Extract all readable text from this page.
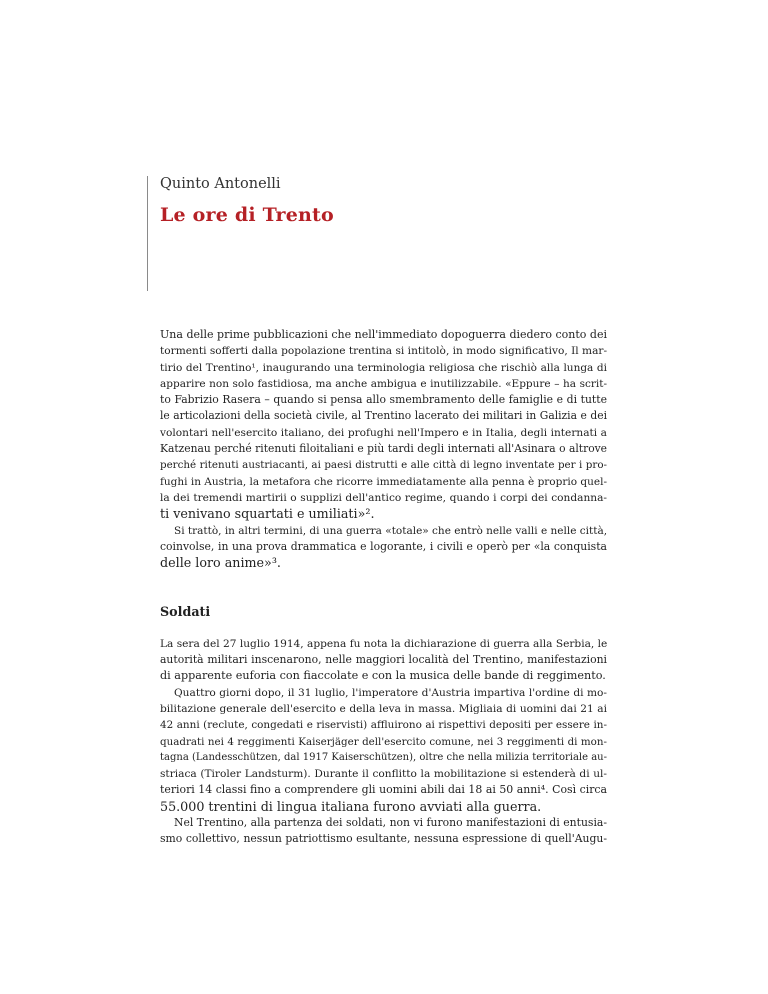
Quinto Antonelli
Le ore di Trento
Una delle prime pubblicazioni che nell'immediato dopoguerra diedero conto dei
tormenti sofferti dalla popolazione trentina si intitolò, in modo significativo, Il mar-
tirio del Trentino¹, inaugurando una terminologia religiosa che rischiò alla lunga di
apparire non solo fastidiosa, ma anche ambigua e inutilizzabile. «Eppure – ha scrit-
to Fabrizio Rasera – quando si pensa allo smembramento delle famiglie e di tutte
le articolazioni della società civile, al Trentino lacerato dei militari in Galizia e dei
volontari nell'esercito italiano, dei profughi nell'Impero e in Italia, degli internati a
Katzenau perché ritenuti filoitaliani e più tardi degli internati all'Asinara o altrove
perché ritenuti austriacanti, ai paesi distrutti e alle città di legno inventate per i pro-
fughi in Austria, la metafora che ricorre immediatamente alla penna è proprio quel-
la dei tremendi martirii o supplizi dell'antico regime, quando i corpi dei condanna-
ti venivano squartati e umiliati»².
Si trattò, in altri termini, di una guerra «totale» che entrò nelle valli e nelle città,
coinvolse, in una prova drammatica e logorante, i civili e operò per «la conquista
delle loro anime»³.
Soldati
La sera del 27 luglio 1914, appena fu nota la dichiarazione di guerra alla Serbia, le
autorità militari inscenarono, nelle maggiori località del Trentino, manifestazioni
di apparente euforia con fiaccolate e con la musica delle bande di reggimento.
Quattro giorni dopo, il 31 luglio, l'imperatore d'Austria impartiva l'ordine di mo-
bilitazione generale dell'esercito e della leva in massa. Migliaia di uomini dai 21 ai
42 anni (reclute, congedati e riservisti) affluirono ai rispettivi depositi per essere in-
quadrati nei 4 reggimenti Kaiserjäger dell'esercito comune, nei 3 reggimenti di mon-
tagna (Landesschützen, dal 1917 Kaiserschützen), oltre che nella milizia territoriale au-
striaca (Tiroler Landsturm). Durante il conflitto la mobilitazione si estenderà di ul-
teriori 14 classi fino a comprendere gli uomini abili dai 18 ai 50 anni⁴. Così circa
55.000 trentini di lingua italiana furono avviati alla guerra.
Nel Trentino, alla partenza dei soldati, non vi furono manifestazioni di entusia-
smo collettivo, nessun patriottismo esultante, nessuna espressione di quell'Augu-
